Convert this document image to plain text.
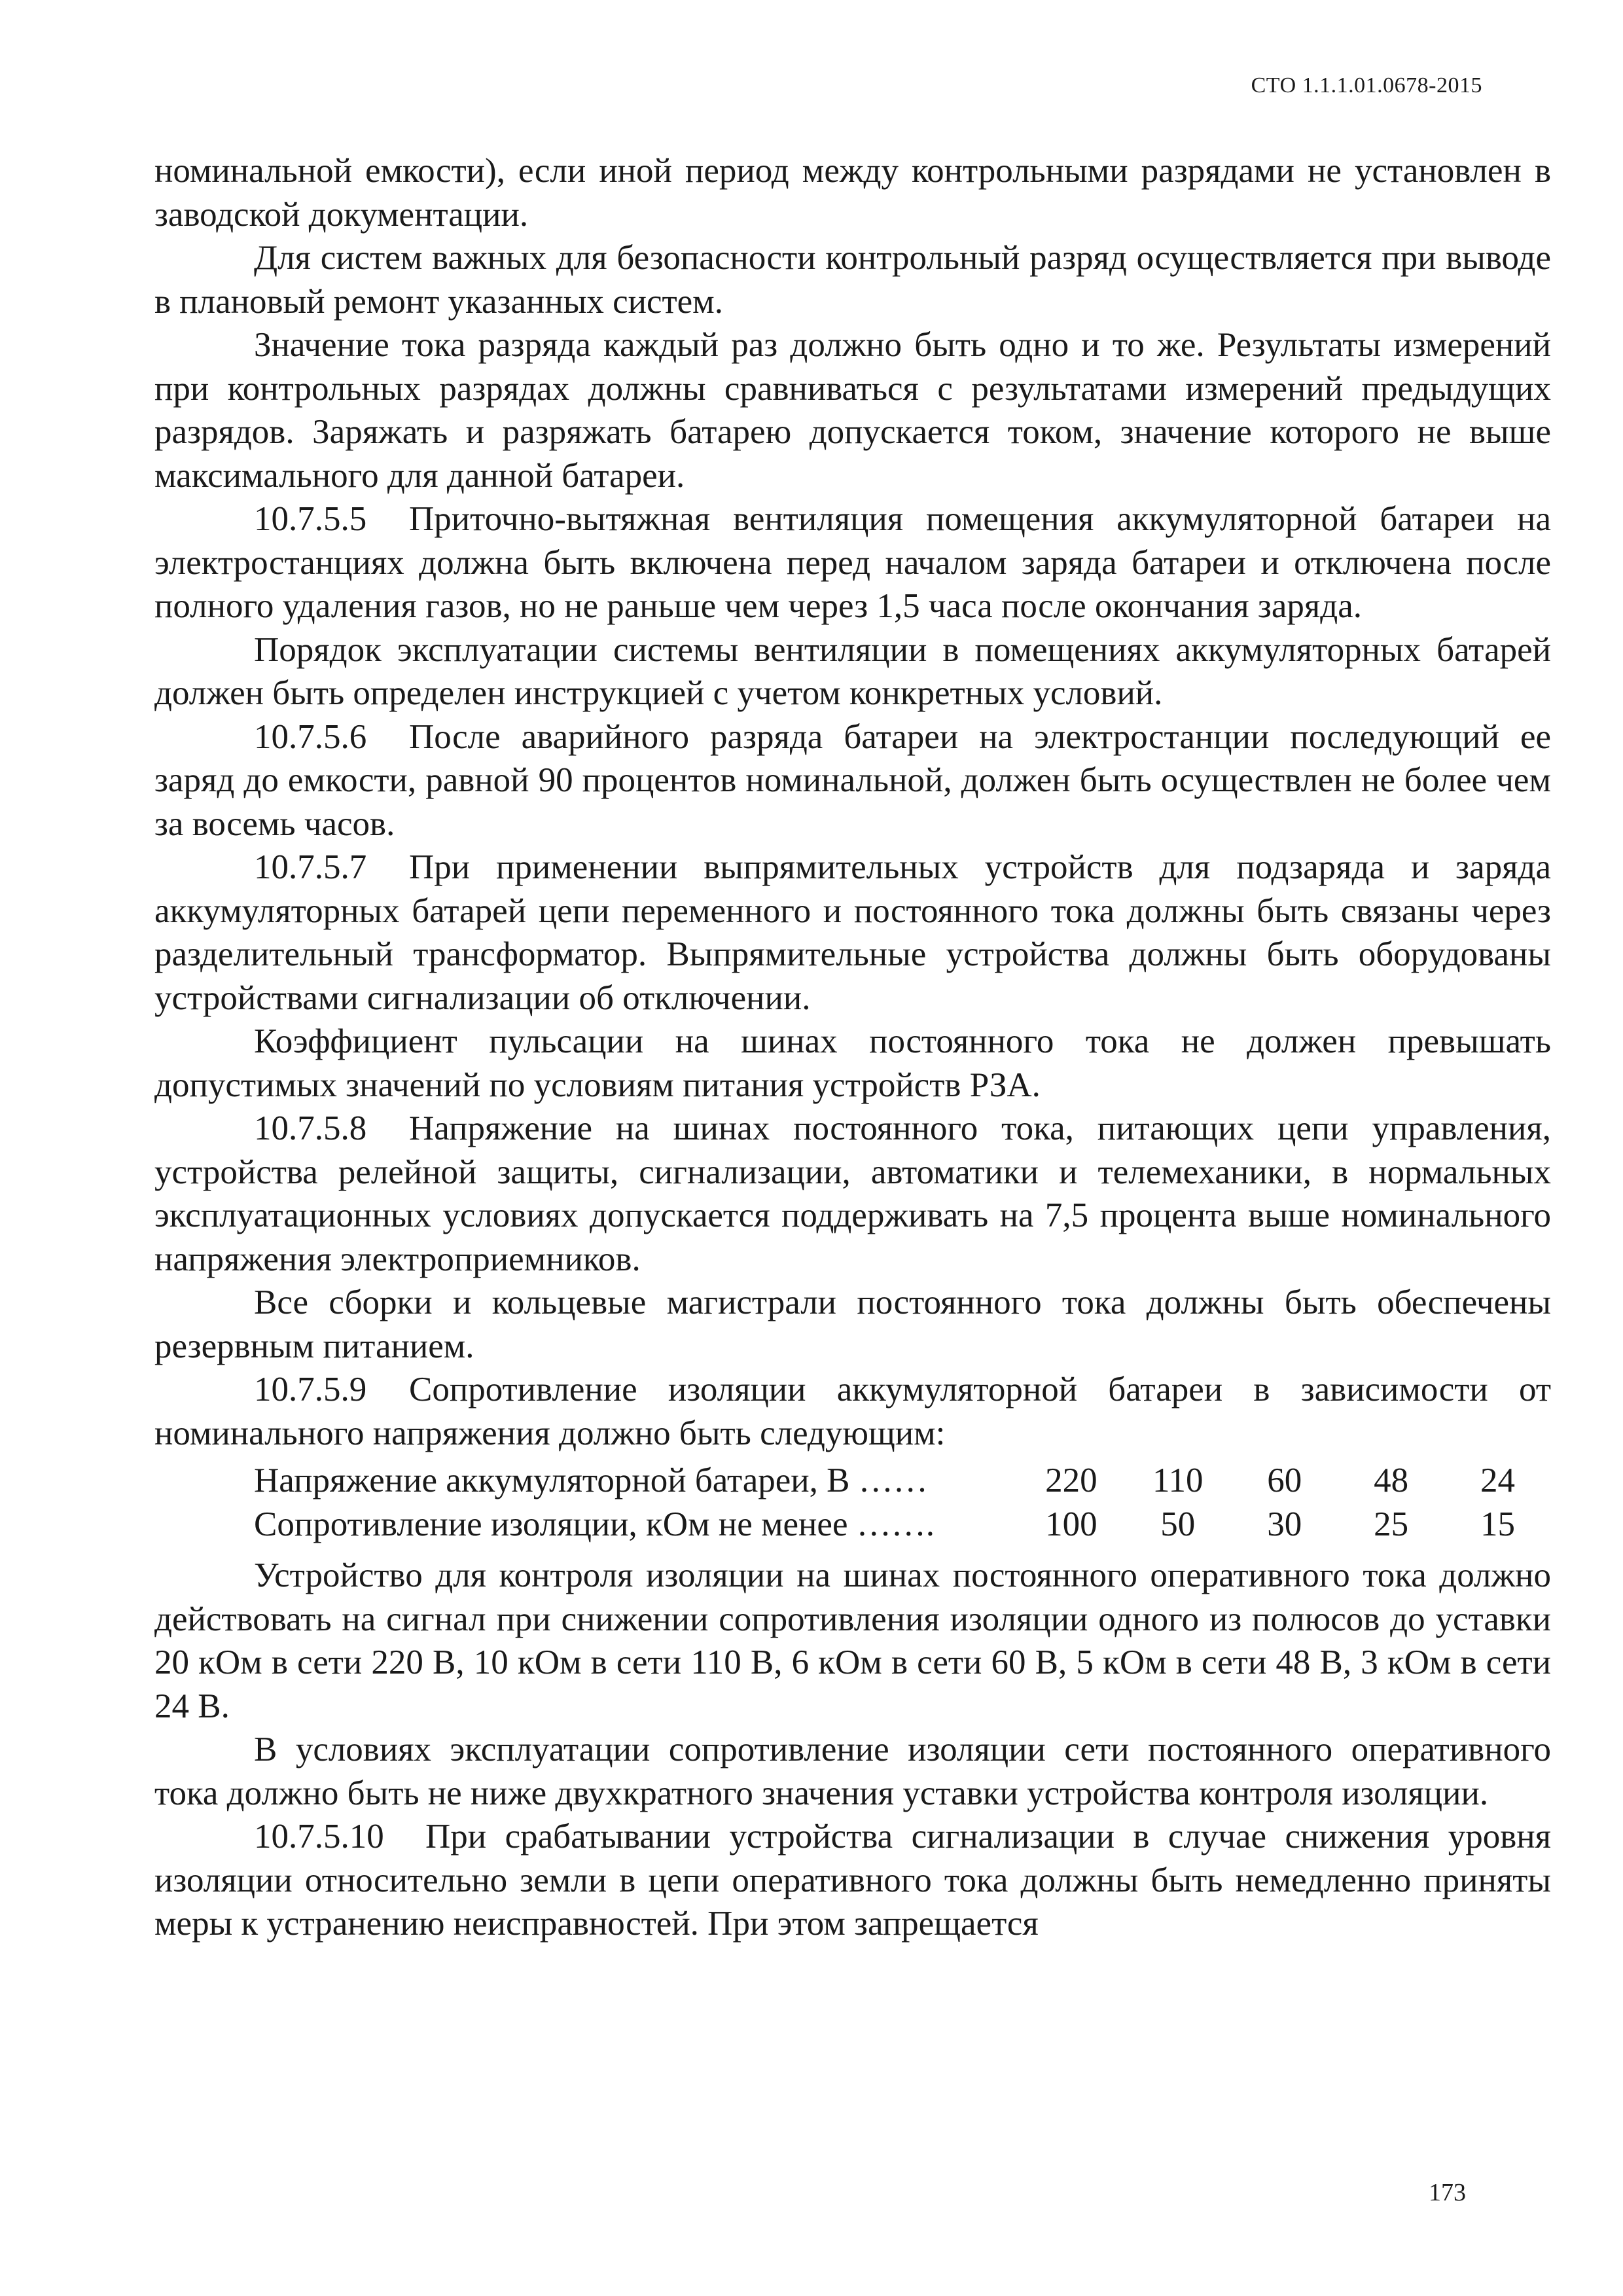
СТО 1.1.1.01.0678-2015

номинальной емкости), если иной период между контрольными разрядами не установлен в заводской документации.

Для систем важных для безопасности контрольный разряд осуществляется при выводе в плановый ремонт указанных систем.

Значение тока разряда каждый раз должно быть одно и то же. Результаты измерений при контрольных разрядах должны сравниваться с результатами измерений предыдущих разрядов. Заряжать и разряжать батарею допускается током, значение которого не выше максимального для данной батареи.

10.7.5.5 Приточно-вытяжная вентиляция помещения аккумуляторной батареи на электростанциях должна быть включена перед началом заряда батареи и отключена после полного удаления газов, но не раньше чем через 1,5 часа после окончания заряда.

Порядок эксплуатации системы вентиляции в помещениях аккумуляторных батарей должен быть определен инструкцией с учетом конкретных условий.

10.7.5.6 После аварийного разряда батареи на электростанции последующий ее заряд до емкости, равной 90 процентов номинальной, должен быть осуществлен не более чем за восемь часов.

10.7.5.7 При применении выпрямительных устройств для подзаряда и заряда аккумуляторных батарей цепи переменного и постоянного тока должны быть связаны через разделительный трансформатор. Выпрямительные устройства должны быть оборудованы устройствами сигнализации об отключении.

Коэффициент пульсации на шинах постоянного тока не должен превышать допустимых значений по условиям питания устройств РЗА.

10.7.5.8 Напряжение на шинах постоянного тока, питающих цепи управления, устройства релейной защиты, сигнализации, автоматики и телемеханики, в нормальных эксплуатационных условиях допускается поддерживать на 7,5 процента выше номинального напряжения электроприемников.

Все сборки и кольцевые магистрали постоянного тока должны быть обеспечены резервным питанием.

10.7.5.9 Сопротивление изоляции аккумуляторной батареи в зависимости от номинального напряжения должно быть следующим:

Напряжение аккумуляторной батареи, В ……	220	110	60	48	24
Сопротивление изоляции, кОм не менее …….	100	50	30	25	15

Устройство для контроля изоляции на шинах постоянного оперативного тока должно действовать на сигнал при снижении сопротивления изоляции одного из полюсов до уставки 20 кОм в сети 220 В, 10 кОм в сети 110 В, 6 кОм в сети 60 В, 5 кОм в сети 48 В, 3 кОм в сети 24 В.

В условиях эксплуатации сопротивление изоляции сети постоянного оперативного тока должно быть не ниже двухкратного значения уставки устройства контроля изоляции.

10.7.5.10 При срабатывании устройства сигнализации в случае снижения уровня изоляции относительно земли в цепи оперативного тока должны быть немедленно приняты меры к устранению неисправностей. При этом запрещается

173
